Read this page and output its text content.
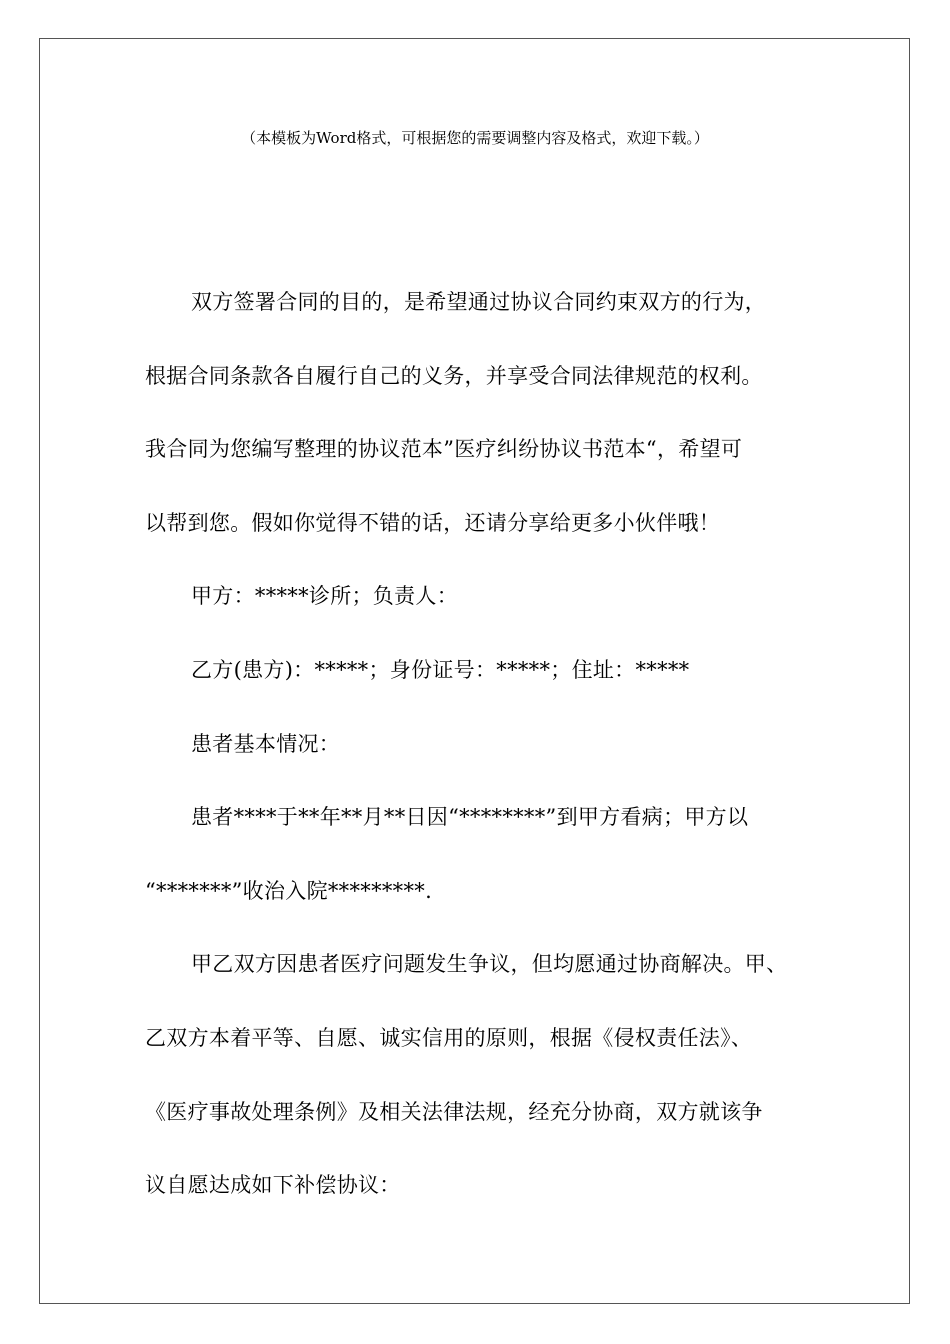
（本模板为Word格式，可根据您的需要调整内容及格式，欢迎下载。）

双方签署合同的目的，是希望通过协议合同约束双方的行为，

根据合同条款各自履行自己的义务，并享受合同法律规范的权利。

我合同为您编写整理的协议范本”医疗纠纷协议书范本“，希望可

以帮到您。假如你觉得不错的话，还请分享给更多小伙伴哦！

甲方：*****诊所；负责人：

乙方(患方)：*****；身份证号：*****；住址：*****

患者基本情况：

患者****于**年**月**日因“********”到甲方看病；甲方以

“*******”收治入院*********.

甲乙双方因患者医疗问题发生争议，但均愿通过协商解决。甲、

乙双方本着平等、自愿、诚实信用的原则，根据《侵权责任法》、

《医疗事故处理条例》及相关法律法规，经充分协商，双方就该争

议自愿达成如下补偿协议：
